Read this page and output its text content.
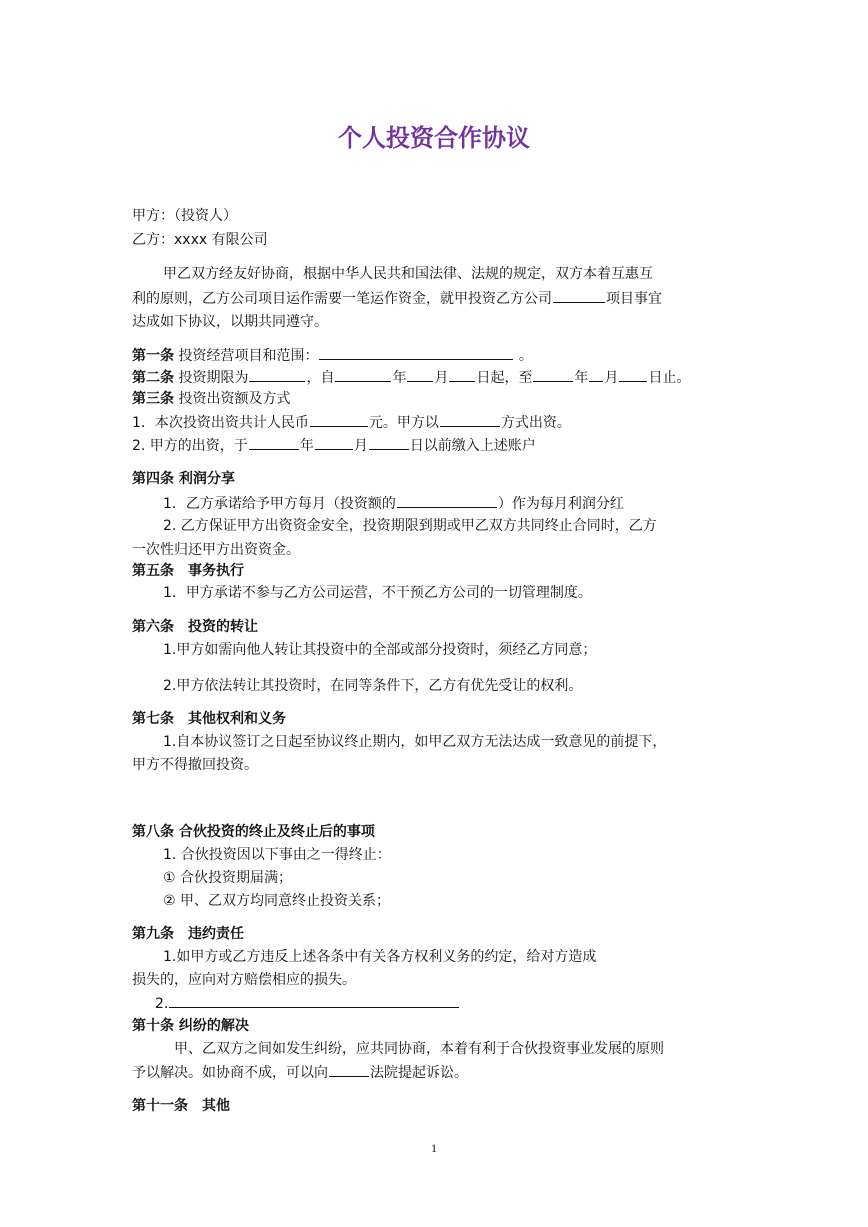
个人投资合作协议

甲方：（投资人）

乙方：xxxx 有限公司

甲乙双方经友好协商，根据中华人民共和国法律、法规的规定，双方本着互惠互

利的原则，乙方公司项目运作需要一笔运作资金，就甲投资乙方公司	项目事宜

达成如下协议，以期共同遵守。

第一条 投资经营项目和范围：	。

第二条 投资期限为	，自	年 月 日起，至	年 月 日止。

第三条 投资出资额及方式

1．本次投资出资共计人民币	元。甲方以	方式出资。

2. 甲方的出资，于	年	月	日以前缴入上述账户

第四条 利润分享

1．乙方承诺给予甲方每月（投资额的	）作为每月利润分红

2. 乙方保证甲方出资资金安全，投资期限到期或甲乙双方共同终止合同时，乙方

一次性归还甲方出资资金。

第五条　事务执行

1．甲方承诺不参与乙方公司运营，不干预乙方公司的一切管理制度。

第六条　投资的转让

1.甲方如需向他人转让其投资中的全部或部分投资时，须经乙方同意；

2.甲方依法转让其投资时，在同等条件下，乙方有优先受让的权利。

第七条　其他权利和义务

1.自本协议签订之日起至协议终止期内，如甲乙双方无法达成一致意见的前提下，

甲方不得撤回投资。

第八条 合伙投资的终止及终止后的事项

1. 合伙投资因以下事由之一得终止：

① 合伙投资期届满；

② 甲、乙双方均同意终止投资关系；

第九条　违约责任

1.如甲方或乙方违反上述各条中有关各方权利义务的约定，给对方造成

损失的，应向对方赔偿相应的损失。

2.

第十条 纠纷的解决

甲、乙双方之间如发生纠纷，应共同协商，本着有利于合伙投资事业发展的原则

予以解决。如协商不成，可以向	法院提起诉讼。

第十一条　其他

1
